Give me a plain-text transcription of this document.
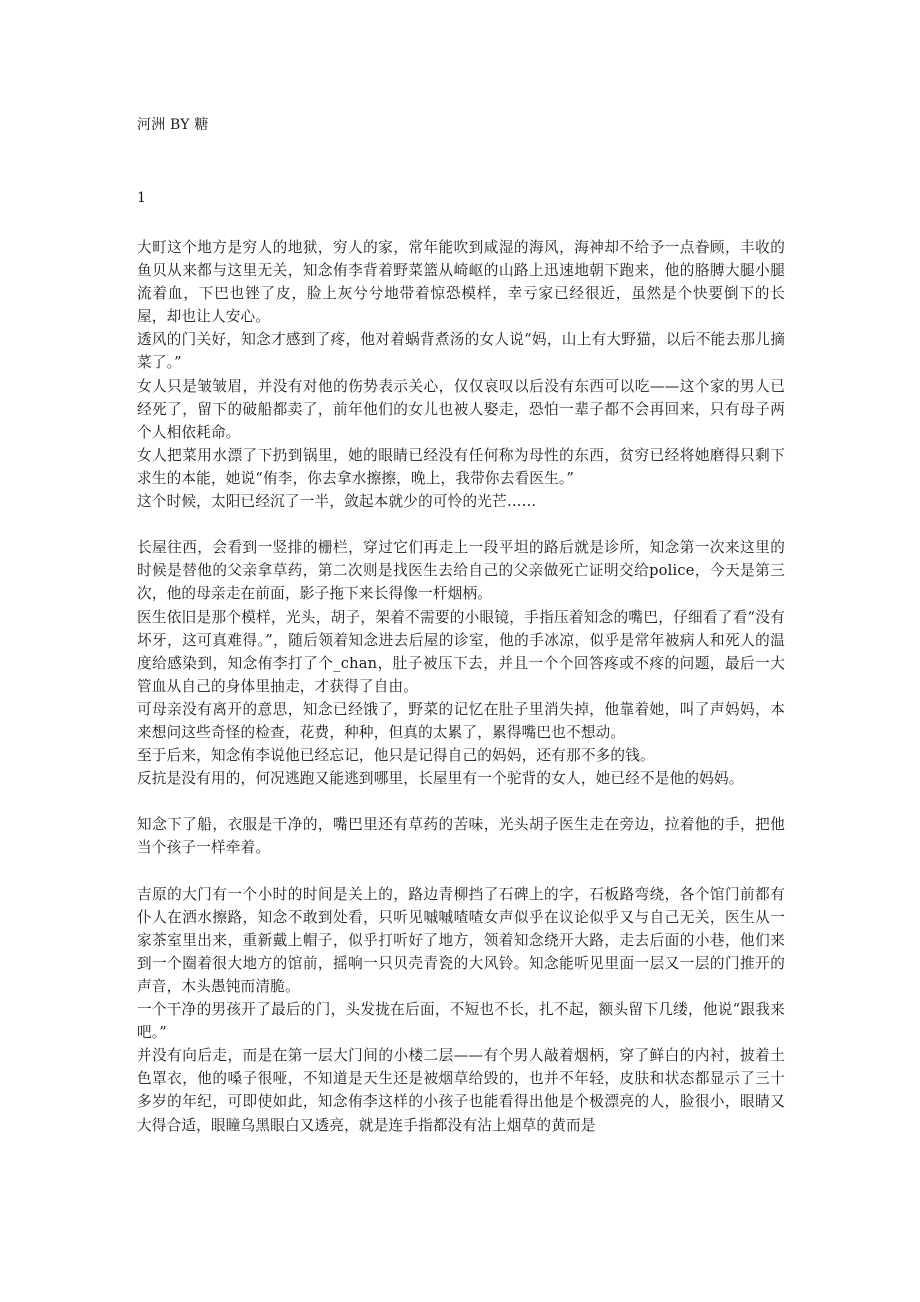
河洲 BY 糖
1

大町这个地方是穷人的地狱，穷人的家，常年能吹到咸湿的海风，海神却不给予一点眷顾，丰收的鱼贝从来都与这里无关，知念侑李背着野菜篮从崎岖的山路上迅速地朝下跑来，他的胳膊大腿小腿流着血，下巴也锉了皮，脸上灰兮兮地带着惊恐模样，幸亏家已经很近，虽然是个快要倒下的长屋，却也让人安心。

透风的门关好，知念才感到了疼，他对着蜗背煮汤的女人说“妈，山上有大野猫，以后不能去那儿摘菜了。”

女人只是皱皱眉，并没有对他的伤势表示关心，仅仅哀叹以后没有东西可以吃——这个家的男人已经死了，留下的破船都卖了，前年他们的女儿也被人娶走，恐怕一辈子都不会再回来，只有母子两个人相依耗命。

女人把菜用水漂了下扔到锅里，她的眼睛已经没有任何称为母性的东西，贫穷已经将她磨得只剩下求生的本能，她说“侑李，你去拿水擦擦，晚上，我带你去看医生。”

这个时候，太阳已经沉了一半，敛起本就少的可怜的光芒……

长屋往西，会看到一竖排的栅栏，穿过它们再走上一段平坦的路后就是诊所，知念第一次来这里的时候是替他的父亲拿草药，第二次则是找医生去给自己的父亲做死亡证明交给police，今天是第三次，他的母亲走在前面，影子拖下来长得像一杆烟柄。

医生依旧是那个模样，光头，胡子，架着不需要的小眼镜，手指压着知念的嘴巴，仔细看了看“没有坏牙，这可真难得。”，随后领着知念进去后屋的诊室，他的手冰凉，似乎是常年被病人和死人的温度给感染到，知念侑李打了个_chan，肚子被压下去，并且一个个回答疼或不疼的问题，最后一大管血从自己的身体里抽走，才获得了自由。

可母亲没有离开的意思，知念已经饿了，野菜的记忆在肚子里消失掉，他靠着她，叫了声妈妈，本来想问这些奇怪的检查，花费，种种，但真的太累了，累得嘴巴也不想动。

至于后来，知念侑李说他已经忘记，他只是记得自己的妈妈，还有那不多的钱。

反抗是没有用的，何况逃跑又能逃到哪里，长屋里有一个驼背的女人，她已经不是他的妈妈。

知念下了船，衣服是干净的，嘴巴里还有草药的苦味，光头胡子医生走在旁边，拉着他的手，把他当个孩子一样牵着。

吉原的大门有一个小时的时间是关上的，路边青柳挡了石碑上的字，石板路弯绕，各个馆门前都有仆人在洒水擦路，知念不敢到处看，只听见嘁嘁喳喳女声似乎在议论似乎又与自己无关，医生从一家茶室里出来，重新戴上帽子，似乎打听好了地方，领着知念绕开大路，走去后面的小巷，他们来到一个圈着很大地方的馆前，摇响一只贝壳青瓷的大风铃。知念能听见里面一层又一层的门推开的声音，木头愚钝而清脆。

一个干净的男孩开了最后的门，头发拢在后面，不短也不长，扎不起，额头留下几缕，他说“跟我来吧。”

并没有向后走，而是在第一层大门间的小楼二层——有个男人敲着烟柄，穿了鲜白的内衬，披着土色罩衣，他的嗓子很哑，不知道是天生还是被烟草给毁的，也并不年轻，皮肤和状态都显示了三十多岁的年纪，可即使如此，知念侑李这样的小孩子也能看得出他是个极漂亮的人，脸很小，眼睛又大得合适，眼瞳乌黑眼白又透亮，就是连手指都没有沾上烟草的黄而是
